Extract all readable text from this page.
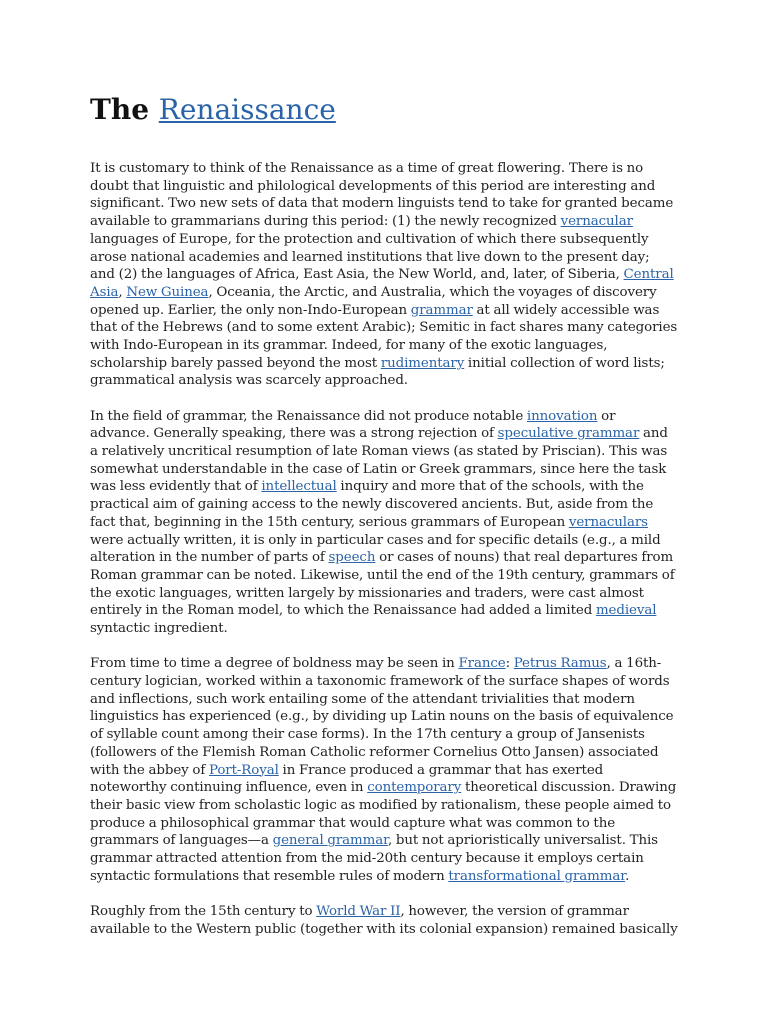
The Renaissance

It is customary to think of the Renaissance as a time of great flowering. There is no doubt that linguistic and philological developments of this period are interesting and significant. Two new sets of data that modern linguists tend to take for granted became available to grammarians during this period: (1) the newly recognized vernacular languages of Europe, for the protection and cultivation of which there subsequently arose national academies and learned institutions that live down to the present day; and (2) the languages of Africa, East Asia, the New World, and, later, of Siberia, Central Asia, New Guinea, Oceania, the Arctic, and Australia, which the voyages of discovery opened up. Earlier, the only non-Indo-European grammar at all widely accessible was that of the Hebrews (and to some extent Arabic); Semitic in fact shares many categories with Indo-European in its grammar. Indeed, for many of the exotic languages, scholarship barely passed beyond the most rudimentary initial collection of word lists; grammatical analysis was scarcely approached.

In the field of grammar, the Renaissance did not produce notable innovation or advance. Generally speaking, there was a strong rejection of speculative grammar and a relatively uncritical resumption of late Roman views (as stated by Priscian). This was somewhat understandable in the case of Latin or Greek grammars, since here the task was less evidently that of intellectual inquiry and more that of the schools, with the practical aim of gaining access to the newly discovered ancients. But, aside from the fact that, beginning in the 15th century, serious grammars of European vernaculars were actually written, it is only in particular cases and for specific details (e.g., a mild alteration in the number of parts of speech or cases of nouns) that real departures from Roman grammar can be noted. Likewise, until the end of the 19th century, grammars of the exotic languages, written largely by missionaries and traders, were cast almost entirely in the Roman model, to which the Renaissance had added a limited medieval syntactic ingredient.

From time to time a degree of boldness may be seen in France: Petrus Ramus, a 16th-century logician, worked within a taxonomic framework of the surface shapes of words and inflections, such work entailing some of the attendant trivialities that modern linguistics has experienced (e.g., by dividing up Latin nouns on the basis of equivalence of syllable count among their case forms). In the 17th century a group of Jansenists (followers of the Flemish Roman Catholic reformer Cornelius Otto Jansen) associated with the abbey of Port-Royal in France produced a grammar that has exerted noteworthy continuing influence, even in contemporary theoretical discussion. Drawing their basic view from scholastic logic as modified by rationalism, these people aimed to produce a philosophical grammar that would capture what was common to the grammars of languages—a general grammar, but not aprioristically universalist. This grammar attracted attention from the mid-20th century because it employs certain syntactic formulations that resemble rules of modern transformational grammar.

Roughly from the 15th century to World War II, however, the version of grammar available to the Western public (together with its colonial expansion) remained basically
